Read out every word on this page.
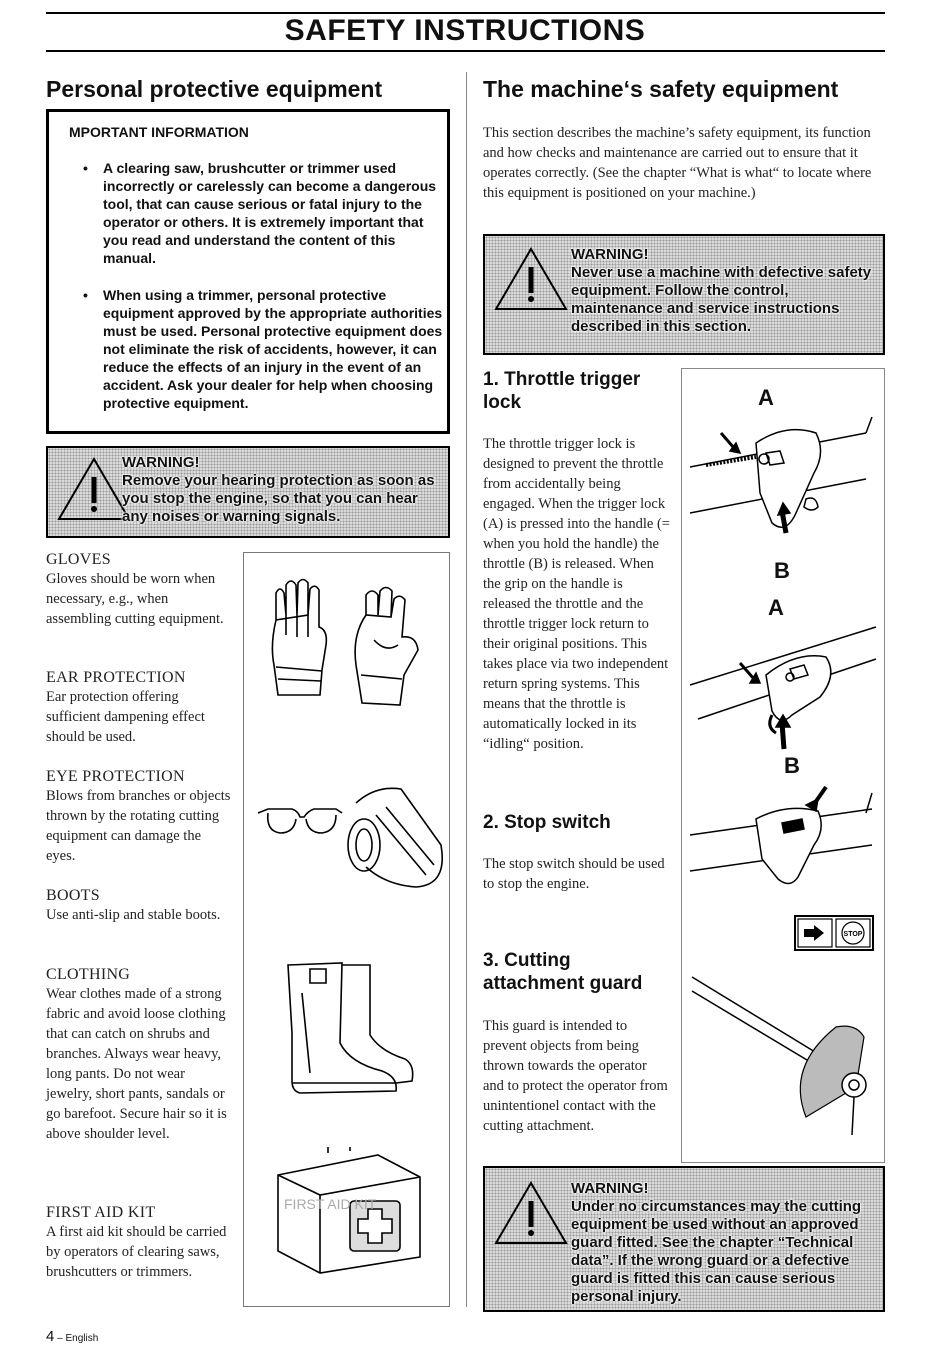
SAFETY INSTRUCTIONS
Personal protective equipment
MPORTANT INFORMATION
• A clearing saw, brushcutter or trimmer used incorrectly or carelessly can become a dangerous tool, that can cause serious or fatal injury to the operator or others. It is extremely important that you read and understand the content of this manual.
• When using a trimmer, personal protective equipment approved by the appropriate authorities must be used. Personal protective equipment does not eliminate the risk of accidents, however, it can reduce the effects of an injury in the event of an accident. Ask your dealer for help when choosing protective equipment.
WARNING!
Remove your hearing protection as soon as you stop the engine, so that you can hear any noises or warning signals.
GLOVES
Gloves should be worn when necessary, e.g., when assembling cutting equipment.
EAR PROTECTION
Ear protection offering sufficient dampening effect should be used.
EYE PROTECTION
Blows from branches or objects thrown by the rotating cutting equipment can damage the eyes.
BOOTS
Use anti-slip and stable boots.
CLOTHING
Wear clothes made of a strong fabric and avoid loose clothing that can catch on shrubs and branches. Always wear heavy, long pants. Do not wear jewelry, short pants, sandals or go barefoot. Secure hair so it is above shoulder level.
FIRST AID KIT
A first aid kit should be carried by operators of clearing saws, brushcutters or trimmers.
FIRST AID KIT
The machine‘s safety equipment
This section describes the machine’s safety equipment, its function and how checks and maintenance are carried out to ensure that it operates correctly. (See the chapter “What is what“ to locate where this equipment is positioned on your machine.)
WARNING!
Never use a machine with defective safety equipment. Follow the control, maintenance and service instructions described in this section.
1. Throttle trigger lock
The throttle trigger lock is designed to prevent the throttle from accidentally being engaged. When the trigger lock (A) is pressed into the handle (= when you hold the handle) the throttle (B) is released. When the grip on the handle is released the throttle and the throttle trigger lock return to their original positions. This takes place via two independent return spring systems. This means that the throttle is automatically locked in its “idling“ position.
2. Stop switch
The stop switch should be used to stop the engine.
3. Cutting attachment guard
This guard is intended to prevent objects from being thrown towards the operator and to protect the operator from unintentionel contact with the cutting attachment.
A
B
A
B
STOP
WARNING!
Under no circumstances may the cutting equipment be used without an approved guard fitted. See the chapter “Technical data”. If the wrong guard or a defective guard is fitted this can cause serious personal injury.
4 – English
